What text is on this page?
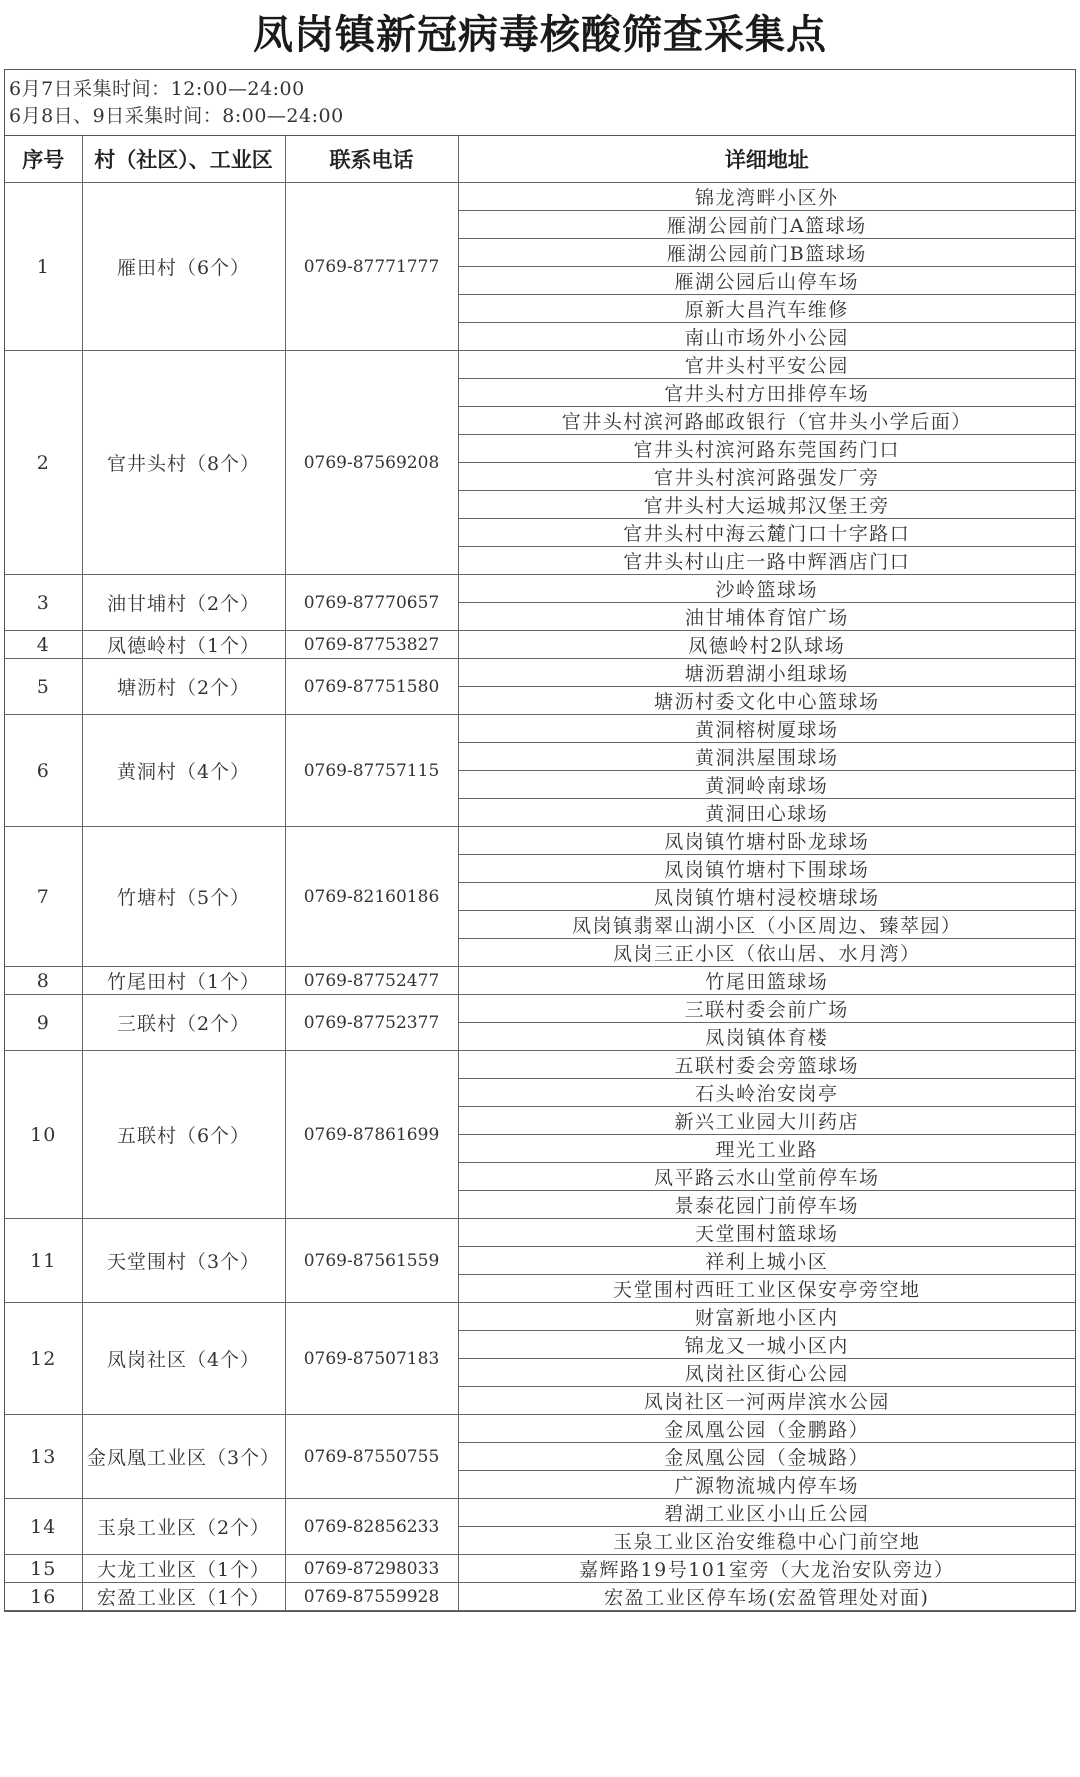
凤岗镇新冠病毒核酸筛查采集点
6月7日采集时间：12:00—24:00
6月8日、9日采集时间：8:00—24:00
序号	村（社区）、工业区	联系电话	详细地址
1	雁田村（6个）	0769-87771777	锦龙湾畔小区外
			雁湖公园前门A篮球场
			雁湖公园前门B篮球场
			雁湖公园后山停车场
			原新大昌汽车维修
			南山市场外小公园
2	官井头村（8个）	0769-87569208	官井头村平安公园
			官井头村方田排停车场
			官井头村滨河路邮政银行（官井头小学后面）
			官井头村滨河路东莞国药门口
			官井头村滨河路强发厂旁
			官井头村大运城邦汉堡王旁
			官井头村中海云麓门口十字路口
			官井头村山庄一路中辉酒店门口
3	油甘埔村（2个）	0769-87770657	沙岭篮球场
			油甘埔体育馆广场
4	凤德岭村（1个）	0769-87753827	凤德岭村2队球场
5	塘沥村（2个）	0769-87751580	塘沥碧湖小组球场
			塘沥村委文化中心篮球场
6	黄洞村（4个）	0769-87757115	黄洞榕树厦球场
			黄洞洪屋围球场
			黄洞岭南球场
			黄洞田心球场
7	竹塘村（5个）	0769-82160186	凤岗镇竹塘村卧龙球场
			凤岗镇竹塘村下围球场
			凤岗镇竹塘村浸校塘球场
			凤岗镇翡翠山湖小区（小区周边、臻萃园）
			凤岗三正小区（依山居、水月湾）
8	竹尾田村（1个）	0769-87752477	竹尾田篮球场
9	三联村（2个）	0769-87752377	三联村委会前广场
			凤岗镇体育楼
10	五联村（6个）	0769-87861699	五联村委会旁篮球场
			石头岭治安岗亭
			新兴工业园大川药店
			理光工业路
			凤平路云水山堂前停车场
			景泰花园门前停车场
11	天堂围村（3个）	0769-87561559	天堂围村篮球场
			祥利上城小区
			天堂围村西旺工业区保安亭旁空地
12	凤岗社区（4个）	0769-87507183	财富新地小区内
			锦龙又一城小区内
			凤岗社区街心公园
			凤岗社区一河两岸滨水公园
13	金凤凰工业区（3个）	0769-87550755	金凤凰公园（金鹏路）
			金凤凰公园（金城路）
			广源物流城内停车场
14	玉泉工业区（2个）	0769-82856233	碧湖工业区小山丘公园
			玉泉工业区治安维稳中心门前空地
15	大龙工业区（1个）	0769-87298033	嘉辉路19号101室旁（大龙治安队旁边）
16	宏盈工业区（1个）	0769-87559928	宏盈工业区停车场(宏盈管理处对面)
